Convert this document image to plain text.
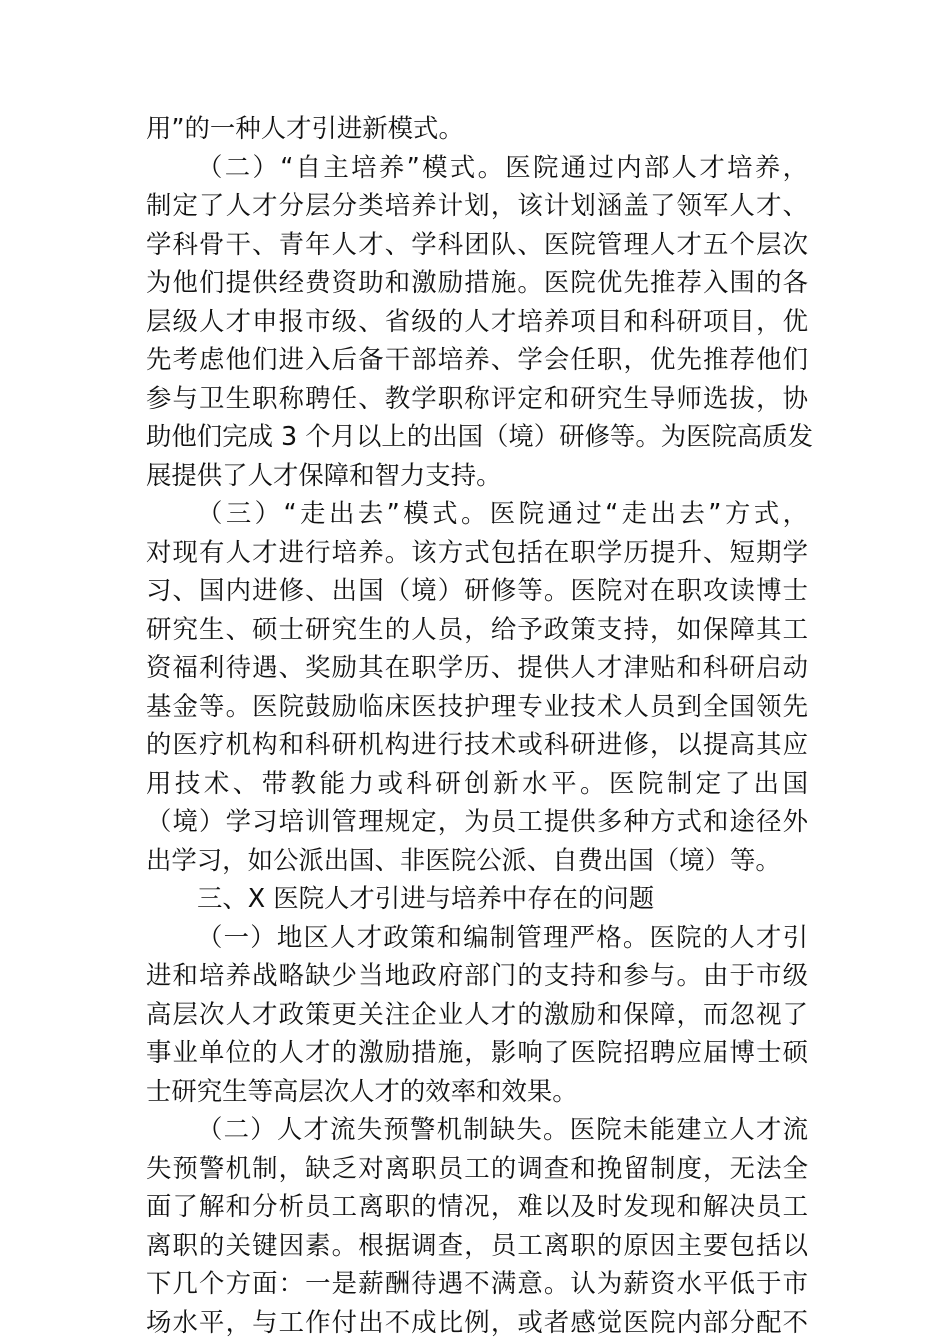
用”的一种人才引进新模式。
（二）“自主培养”模式。医院通过内部人才培养，
制定了人才分层分类培养计划，该计划涵盖了领军人才、
学科骨干、青年人才、学科团队、医院管理人才五个层次
为他们提供经费资助和激励措施。医院优先推荐入围的各
层级人才申报市级、省级的人才培养项目和科研项目，优
先考虑他们进入后备干部培养、学会任职，优先推荐他们
参与卫生职称聘任、教学职称评定和研究生导师选拔，协
助他们完成 3 个月以上的出国（境）研修等。为医院高质发
展提供了人才保障和智力支持。
（三）“走出去”模式。医院通过“走出去”方式，
对现有人才进行培养。该方式包括在职学历提升、短期学
习、国内进修、出国（境）研修等。医院对在职攻读博士
研究生、硕士研究生的人员，给予政策支持，如保障其工
资福利待遇、奖励其在职学历、提供人才津贴和科研启动
基金等。医院鼓励临床医技护理专业技术人员到全国领先
的医疗机构和科研机构进行技术或科研进修，以提高其应
用技术、带教能力或科研创新水平。医院制定了出国
（境）学习培训管理规定，为员工提供多种方式和途径外
出学习，如公派出国、非医院公派、自费出国（境）等。
三、X 医院人才引进与培养中存在的问题
（一）地区人才政策和编制管理严格。医院的人才引
进和培养战略缺少当地政府部门的支持和参与。由于市级
高层次人才政策更关注企业人才的激励和保障，而忽视了
事业单位的人才的激励措施，影响了医院招聘应届博士硕
士研究生等高层次人才的效率和效果。
（二）人才流失预警机制缺失。医院未能建立人才流
失预警机制，缺乏对离职员工的调查和挽留制度，无法全
面了解和分析员工离职的情况，难以及时发现和解决员工
离职的关键因素。根据调查，员工离职的原因主要包括以
下几个方面：一是薪酬待遇不满意。认为薪资水平低于市
场水平，与工作付出不成比例，或者感觉医院内部分配不
